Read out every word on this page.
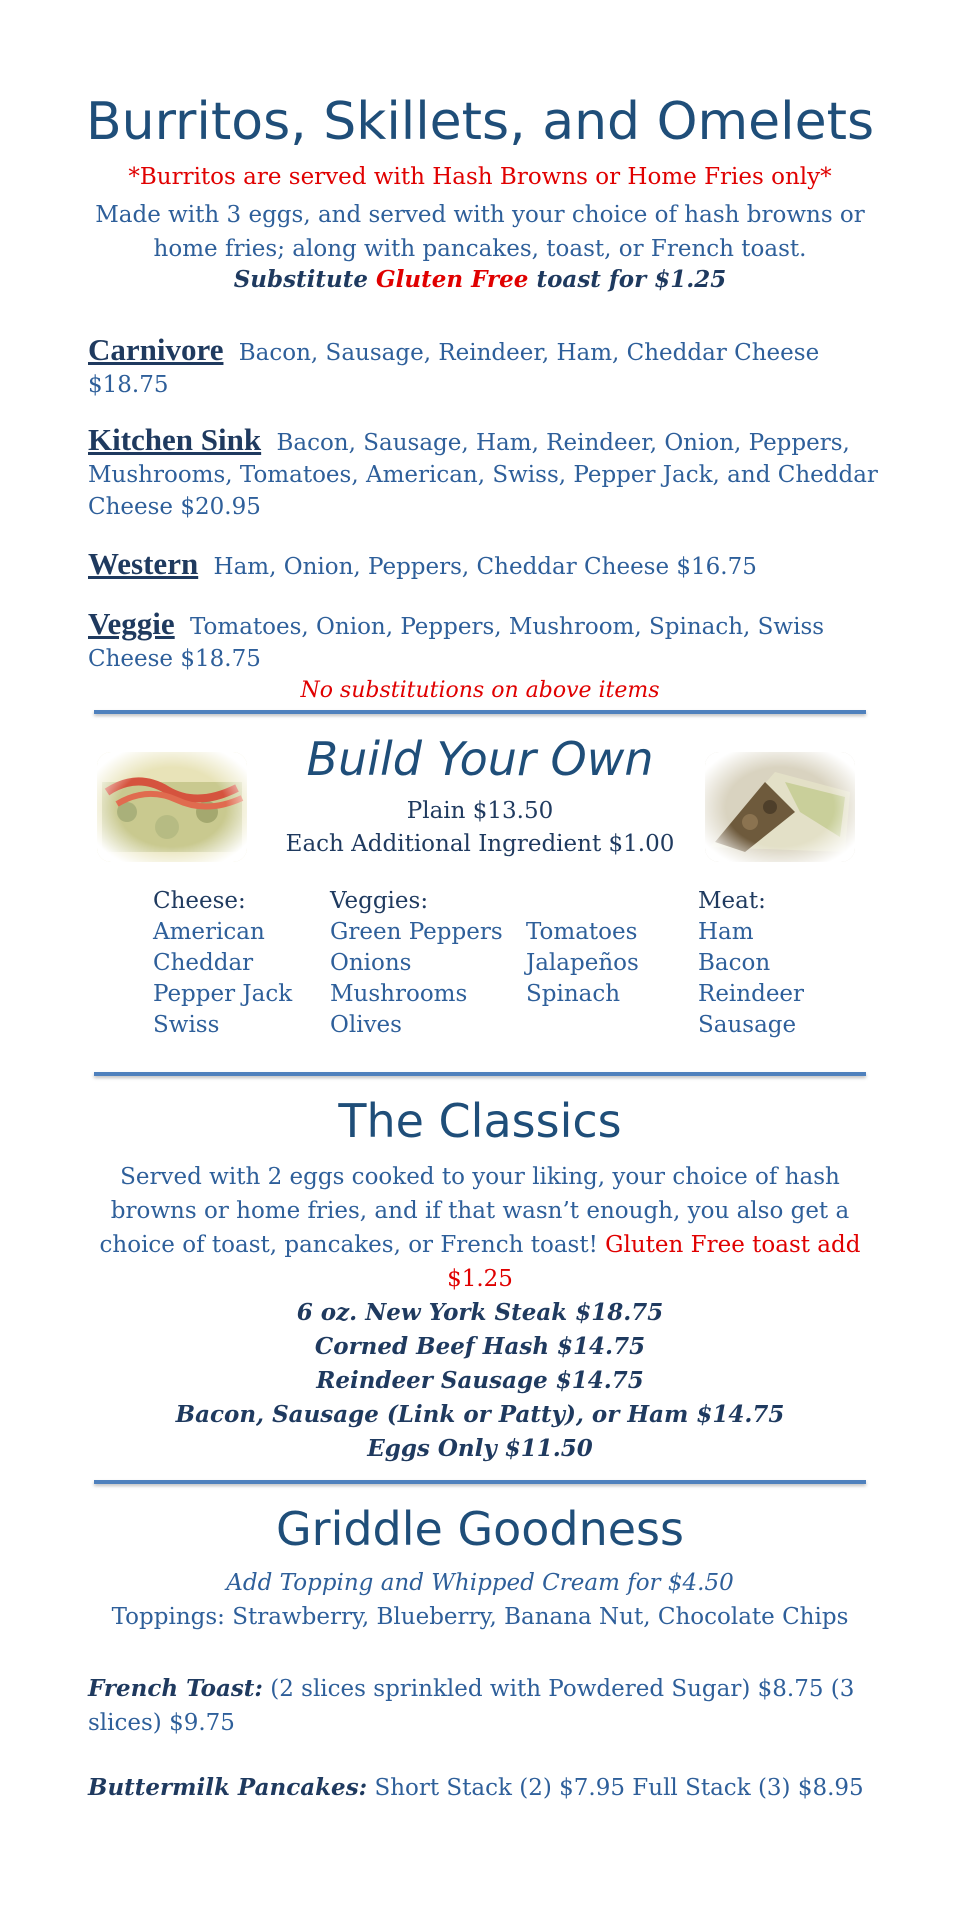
Burritos, Skillets, and Omelets
*Burritos are served with Hash Browns or Home Fries only*
Made with 3 eggs, and served with your choice of hash browns or home fries; along with pancakes, toast, or French toast.
Substitute Gluten Free toast for $1.25
Carnivore Bacon, Sausage, Reindeer, Ham, Cheddar Cheese $18.75
Kitchen Sink Bacon, Sausage, Ham, Reindeer, Onion, Peppers, Mushrooms, Tomatoes, American, Swiss, Pepper Jack, and Cheddar Cheese $20.95
Western Ham, Onion, Peppers, Cheddar Cheese $16.75
Veggie Tomatoes, Onion, Peppers, Mushroom, Spinach, Swiss Cheese $18.75
No substitutions on above items
Build Your Own
Plain $13.50
Each Additional Ingredient $1.00
Cheese:
American
Cheddar
Pepper Jack
Swiss
Veggies:
Green Peppers
Onions
Mushrooms
Olives
Tomatoes
Jalapeños
Spinach
Meat:
Ham
Bacon
Reindeer
Sausage
The Classics
Served with 2 eggs cooked to your liking, your choice of hash browns or home fries, and if that wasn’t enough, you also get a choice of toast, pancakes, or French toast! Gluten Free toast add $1.25
6 oz. New York Steak $18.75
Corned Beef Hash $14.75
Reindeer Sausage $14.75
Bacon, Sausage (Link or Patty), or Ham $14.75
Eggs Only $11.50
Griddle Goodness
Add Topping and Whipped Cream for $4.50
Toppings: Strawberry, Blueberry, Banana Nut, Chocolate Chips
French Toast: (2 slices sprinkled with Powdered Sugar) $8.75 (3 slices) $9.75
Buttermilk Pancakes: Short Stack (2) $7.95 Full Stack (3) $8.95
